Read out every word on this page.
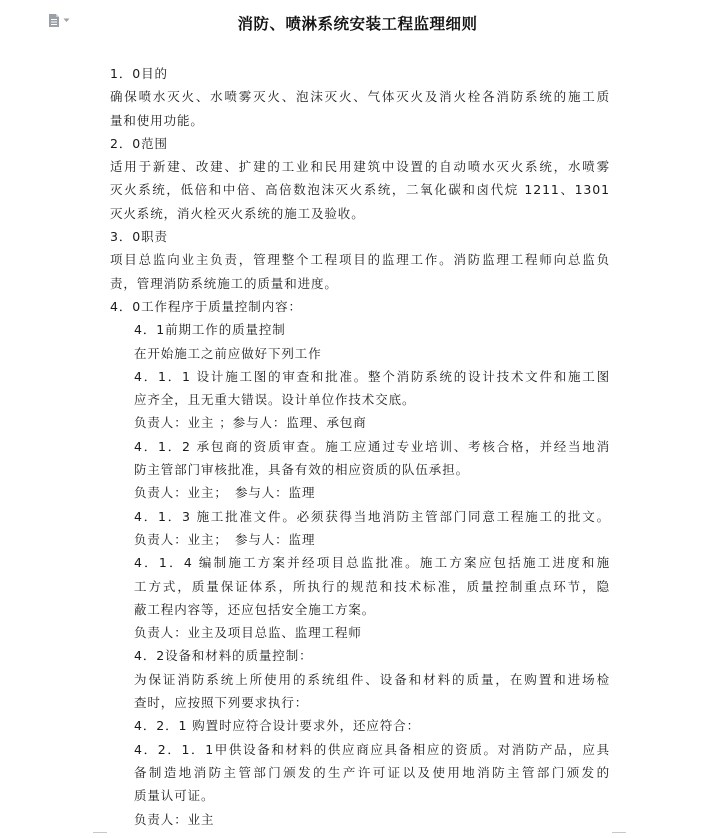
消防、喷淋系统安装工程监理细则
1．0目的
确保喷水灭火、水喷雾灭火、泡沫灭火、气体灭火及消火栓各消防系统的施工质
量和使用功能。
2．0范围
适用于新建、改建、扩建的工业和民用建筑中设置的自动喷水灭火系统，水喷雾
灭火系统，低倍和中倍、高倍数泡沫灭火系统，二氧化碳和卤代烷 1211、1301
灭火系统，消火栓灭火系统的施工及验收。
3．0职责
项目总监向业主负责，管理整个工程项目的监理工作。消防监理工程师向总监负
责，管理消防系统施工的质量和进度。
4．0工作程序于质量控制内容：
4．1前期工作的质量控制
在开始施工之前应做好下列工作
4．1．1 设计施工图的审查和批准。整个消防系统的设计技术文件和施工图
应齐全，且无重大错误。设计单位作技术交底。
负责人：业主 ；参与人：监理、承包商
4．1．2 承包商的资质审查。施工应通过专业培训、考核合格，并经当地消
防主管部门审核批准，具备有效的相应资质的队伍承担。
负责人：业主；　参与人：监理
4．1．3 施工批准文件。必须获得当地消防主管部门同意工程施工的批文。
负责人：业主；　参与人：监理
4．1．4 编制施工方案并经项目总监批准。施工方案应包括施工进度和施
工方式，质量保证体系，所执行的规范和技术标准，质量控制重点环节，隐
蔽工程内容等，还应包括安全施工方案。
负责人：业主及项目总监、监理工程师
4．2设备和材料的质量控制：
为保证消防系统上所使用的系统组件、设备和材料的质量，在购置和进场检
查时，应按照下列要求执行：
4．2．1 购置时应符合设计要求外，还应符合：
4．2．1．1甲供设备和材料的供应商应具备相应的资质。对消防产品，应具
备制造地消防主管部门颁发的生产许可证以及使用地消防主管部门颁发的
质量认可证。
负责人：业主
